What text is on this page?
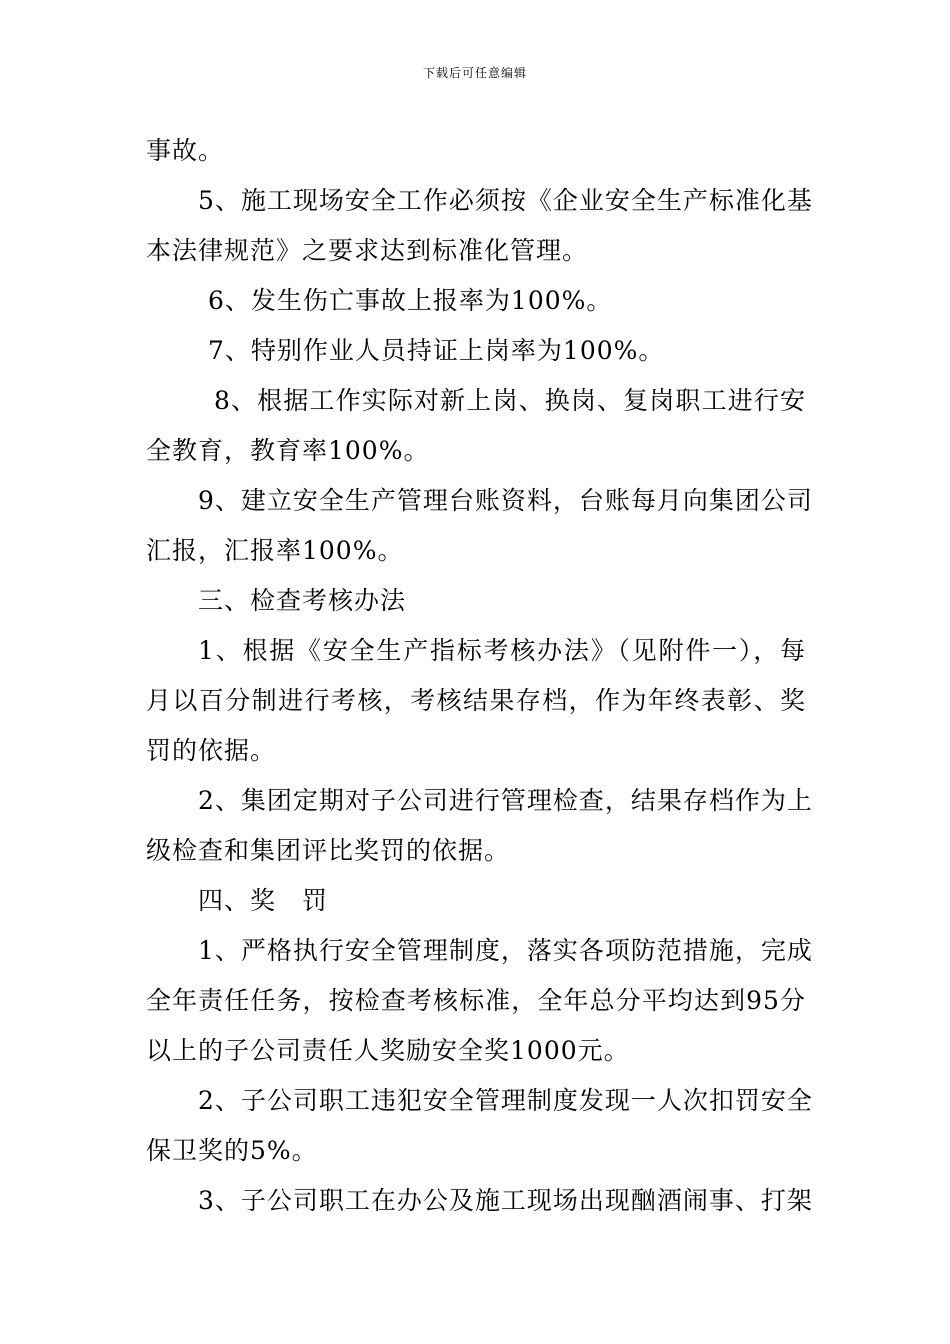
下载后可任意编辑
事故。
5、施工现场安全工作必须按《企业安全生产标准化基
本法律规范》之要求达到标准化管理。
6、发生伤亡事故上报率为100%。
7、特别作业人员持证上岗率为100%。
8、根据工作实际对新上岗、换岗、复岗职工进行安
全教育，教育率100%。
9、建立安全生产管理台账资料，台账每月向集团公司
汇报，汇报率100%。
三、检查考核办法
1、根据《安全生产指标考核办法》（见附件一），每
月以百分制进行考核，考核结果存档，作为年终表彰、奖
罚的依据。
2、集团定期对子公司进行管理检查，结果存档作为上
级检查和集团评比奖罚的依据。
四、奖　罚
1、严格执行安全管理制度，落实各项防范措施，完成
全年责任任务，按检查考核标准，全年总分平均达到95分
以上的子公司责任人奖励安全奖1000元。
2、子公司职工违犯安全管理制度发现一人次扣罚安全
保卫奖的5%。
3、子公司职工在办公及施工现场出现酗酒闹事、打架
